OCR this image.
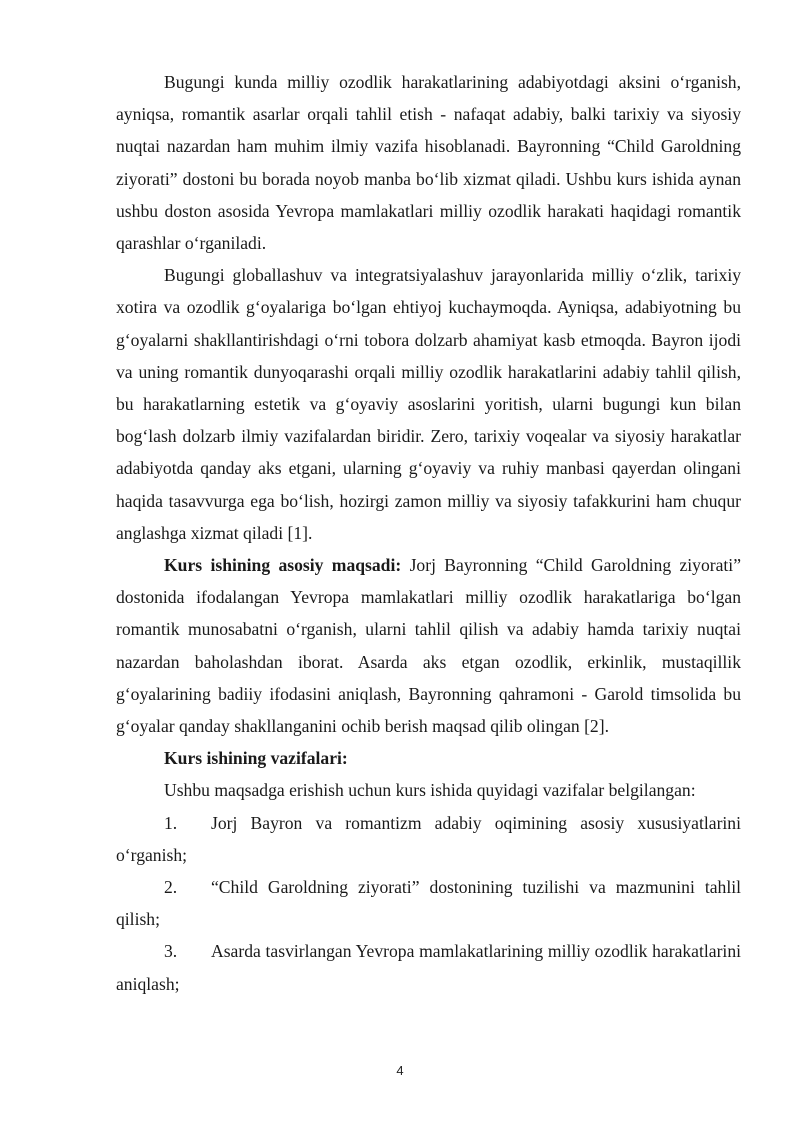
Bugungi kunda milliy ozodlik harakatlarining adabiyotdagi aksini o‘rganish, ayniqsa, romantik asarlar orqali tahlil etish - nafaqat adabiy, balki tarixiy va siyosiy nuqtai nazardan ham muhim ilmiy vazifa hisoblanadi. Bayronning “Child Garoldning ziyorati” dostoni bu borada noyob manba bo‘lib xizmat qiladi. Ushbu kurs ishida aynan ushbu doston asosida Yevropa mamlakatlari milliy ozodlik harakati haqidagi romantik qarashlar o‘rganiladi.

Bugungi globallashuv va integratsiyalashuv jarayonlarida milliy o‘zlik, tarixiy xotira va ozodlik g‘oyalariga bo‘lgan ehtiyoj kuchaymoqda. Ayniqsa, adabiyotning bu g‘oyalarni shakllantirishdagi o‘rni tobora dolzarb ahamiyat kasb etmoqda. Bayron ijodi va uning romantik dunyoqarashi orqali milliy ozodlik harakatlarini adabiy tahlil qilish, bu harakatlarning estetik va g‘oyaviy asoslarini yoritish, ularni bugungi kun bilan bog‘lash dolzarb ilmiy vazifalardan biridir. Zero, tarixiy voqealar va siyosiy harakatlar adabiyotda qanday aks etgani, ularning g‘oyaviy va ruhiy manbasi qayerdan olingani haqida tasavvurga ega bo‘lish, hozirgi zamon milliy va siyosiy tafakkurini ham chuqur anglashga xizmat qiladi [1].

Kurs ishining asosiy maqsadi: Jorj Bayronning “Child Garoldning ziyorati” dostonida ifodalangan Yevropa mamlakatlari milliy ozodlik harakatlariga bo‘lgan romantik munosabatni o‘rganish, ularni tahlil qilish va adabiy hamda tarixiy nuqtai nazardan baholashdan iborat. Asarda aks etgan ozodlik, erkinlik, mustaqillik g‘oyalarining badiiy ifodasini aniqlash, Bayronning qahramoni - Garold timsolida bu g‘oyalar qanday shakllanganini ochib berish maqsad qilib olingan [2].

Kurs ishining vazifalari:

Ushbu maqsadga erishish uchun kurs ishida quyidagi vazifalar belgilangan:

1. Jorj Bayron va romantizm adabiy oqimining asosiy xususiyatlarini o‘rganish;

2. “Child Garoldning ziyorati” dostonining tuzilishi va mazmunini tahlil qilish;

3. Asarda tasvirlangan Yevropa mamlakatlarining milliy ozodlik harakatlarini aniqlash;

4
